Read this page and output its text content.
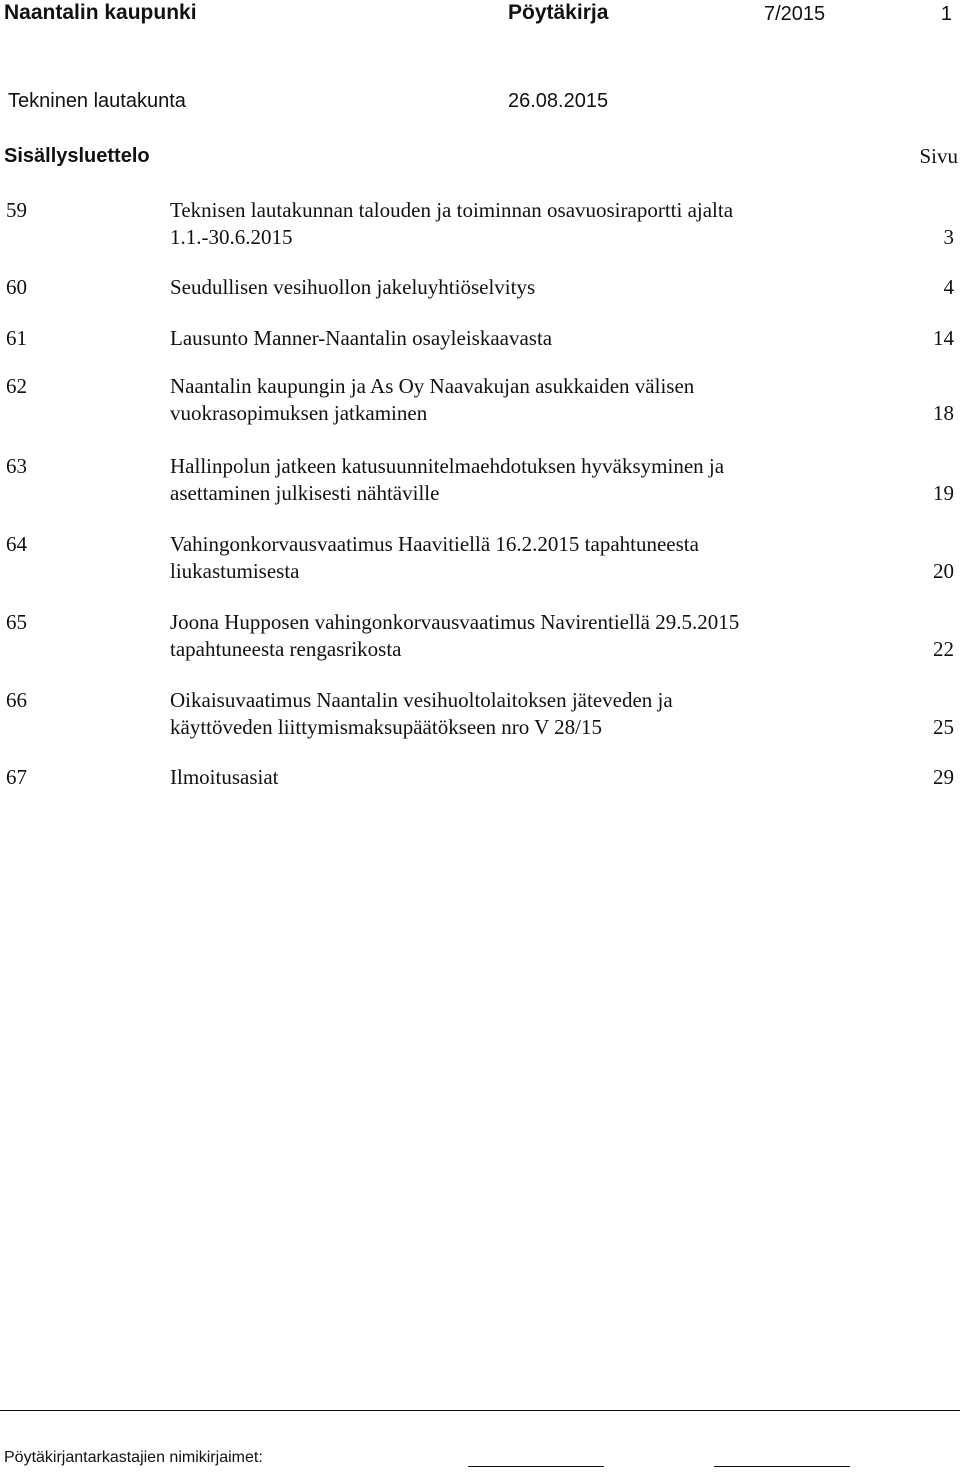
Naantalin kaupunki	Pöytäkirja	7/2015	1
Tekninen lautakunta	26.08.2015
Sisällysluettelo	Sivu
59	Teknisen lautakunnan talouden ja toiminnan osavuosiraportti ajalta
1.1.-30.6.2015	3
60	Seudullisen vesihuollon jakeluyhtiöselvitys	4
61	Lausunto Manner-Naantalin osayleiskaavasta	14
62	Naantalin kaupungin ja As Oy Naavakujan asukkaiden välisen
vuokrasopimuksen jatkaminen	18
63	Hallinpolun jatkeen katusuunnitelmaehdotuksen hyväksyminen ja
asettaminen julkisesti nähtäville	19
64	Vahingonkorvausvaatimus Haavitiellä 16.2.2015 tapahtuneesta
liukastumisesta	20
65	Joona Hupposen vahingonkorvausvaatimus Navirentiellä 29.5.2015
tapahtuneesta rengasrikosta	22
66	Oikaisuvaatimus Naantalin vesihuoltolaitoksen jäteveden ja
käyttöveden liittymismaksupäätökseen nro V 28/15	25
67	Ilmoitusasiat	29
Pöytäkirjantarkastajien nimikirjaimet:
